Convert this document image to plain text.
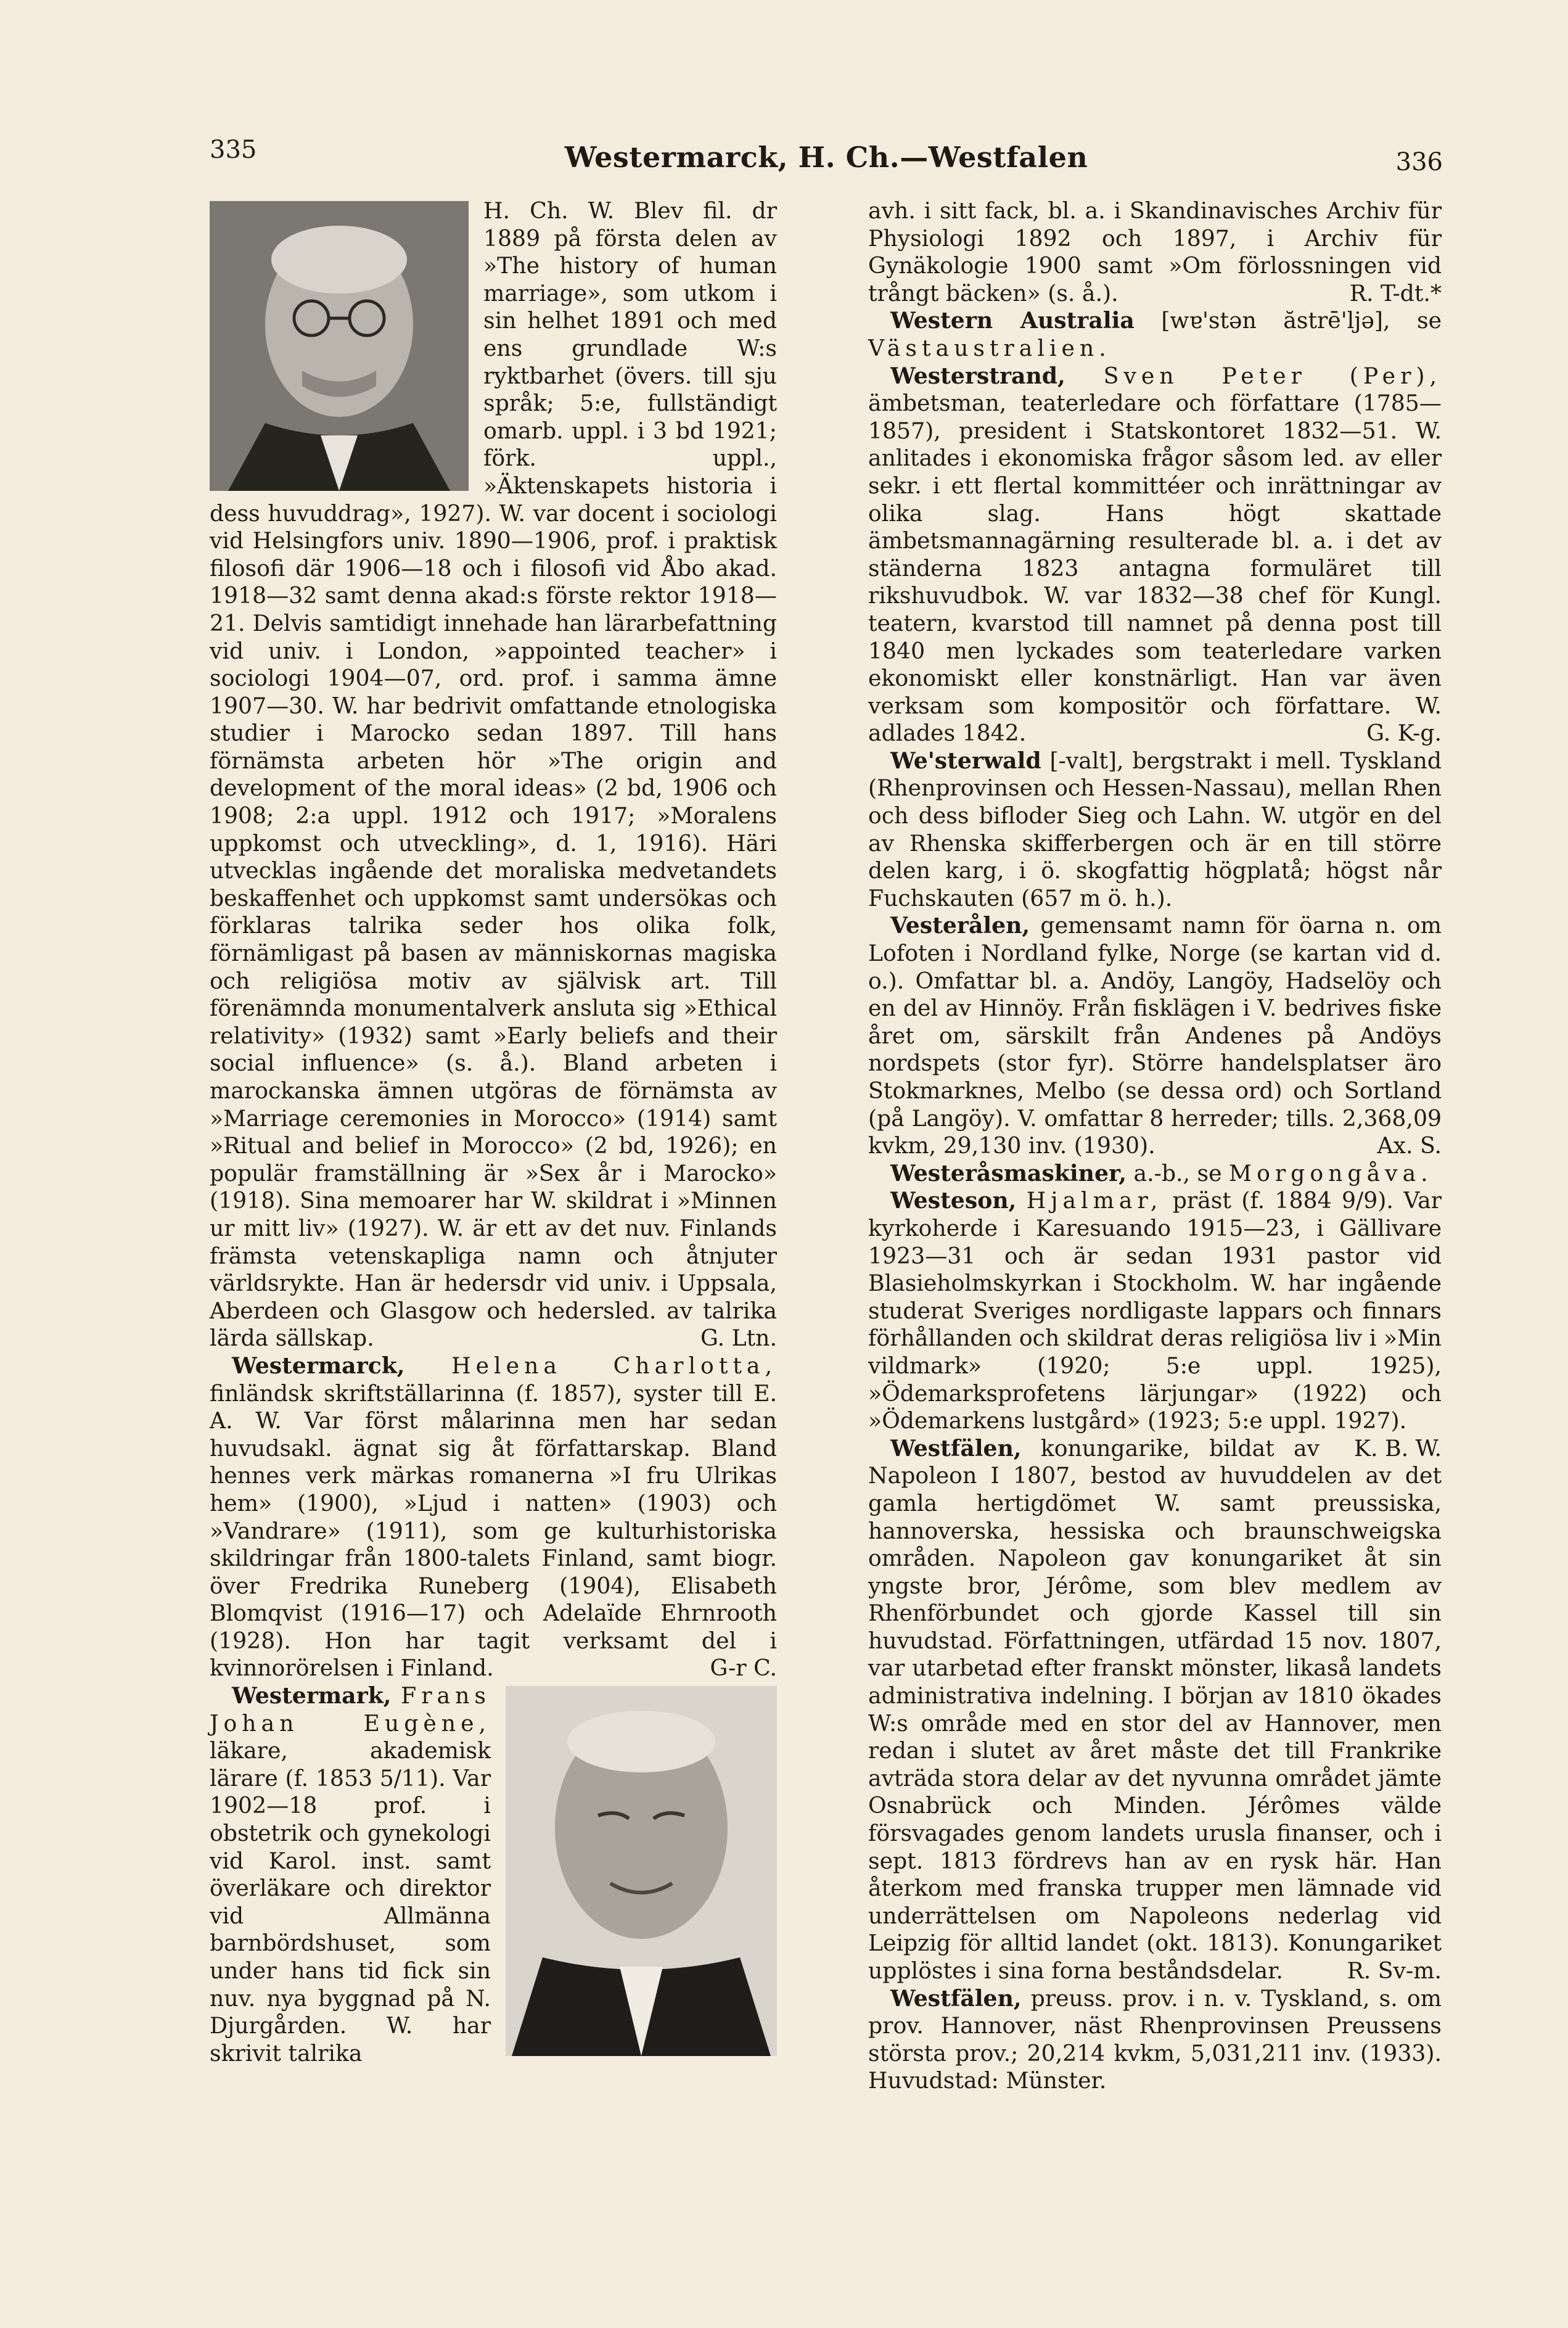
335	Westermarck, H. Ch.—Westfalen	336

H. Ch. W. Blev fil. dr 1889 på första delen av »The history of human marriage», som utkom i sin helhet 1891 och med ens grundlade W:s ryktbarhet (övers. till sju språk; 5:e, fullständigt omarb. uppl. i 3 bd 1921; förk. uppl., »Äktenskapets historia i dess huvuddrag», 1927). W. var docent i sociologi vid Helsingfors univ. 1890—1906, prof. i praktisk filosofi där 1906—18 och i filosofi vid Åbo akad. 1918—32 samt denna akad:s förste rektor 1918—21. Delvis samtidigt innehade han lärarbefattning vid univ. i London, »appointed teacher» i sociologi 1904—07, ord. prof. i samma ämne 1907—30. W. har bedrivit omfattande etnologiska studier i Marocko sedan 1897. Till hans förnämsta arbeten hör »The origin and development of the moral ideas» (2 bd, 1906 och 1908; 2:a uppl. 1912 och 1917; »Moralens uppkomst och utveckling», d. 1, 1916). Häri utvecklas ingående det moraliska medvetandets beskaffenhet och uppkomst samt undersökas och förklaras talrika seder hos olika folk, förnämligast på basen av människornas magiska och religiösa motiv av självisk art. Till förenämnda monumentalverk ansluta sig »Ethical relativity» (1932) samt »Early beliefs and their social influence» (s. å.). Bland arbeten i marockanska ämnen utgöras de förnämsta av »Marriage ceremonies in Morocco» (1914) samt »Ritual and belief in Morocco» (2 bd, 1926); en populär framställning är »Sex år i Marocko» (1918). Sina memoarer har W. skildrat i »Minnen ur mitt liv» (1927). W. är ett av det nuv. Finlands främsta vetenskapliga namn och åtnjuter världsrykte. Han är hedersdr vid univ. i Uppsala, Aberdeen och Glasgow och hedersled. av talrika lärda sällskap.	G. Ltn.

Westermarck, Helena Charlotta, finländsk skriftställarinna (f. 1857), syster till E. A. W. Var först målarinna men har sedan huvudsakl. ägnat sig åt författarskap. Bland hennes verk märkas romanerna »I fru Ulrikas hem» (1900), »Ljud i natten» (1903) och »Vandrare» (1911), som ge kulturhistoriska skildringar från 1800-talets Finland, samt biogr. över Fredrika Runeberg (1904), Elisabeth Blomqvist (1916—17) och Adelaïde Ehrnrooth (1928). Hon har tagit verksamt del i kvinnorörelsen i Finland.	G-r C.

Westermark, Frans Johan Eugène, läkare, akademisk lärare (f. 1853 5/11). Var 1902—18 prof. i obstetrik och gynekologi vid Karol. inst. samt överläkare och direktor vid Allmänna barnbördshuset, som under hans tid fick sin nuv. nya byggnad på N. Djurgården. W. har skrivit talrika

avh. i sitt fack, bl. a. i Skandinavisches Archiv für Physiologi 1892 och 1897, i Archiv für Gynäkologie 1900 samt »Om förlossningen vid trångt bäcken» (s. å.).	R. T-dt.*

Western Australia [wɐ'stən ăstrē'ljə], se Västaustralien.

Westerstrand, Sven Peter (Per), ämbetsman, teaterledare och författare (1785—1857), president i Statskontoret 1832—51. W. anlitades i ekonomiska frågor såsom led. av eller sekr. i ett flertal kommittéer och inrättningar av olika slag. Hans högt skattade ämbetsmannagärning resulterade bl. a. i det av ständerna 1823 antagna formuläret till rikshuvudbok. W. var 1832—38 chef för Kungl. teatern, kvarstod till namnet på denna post till 1840 men lyckades som teaterledare varken ekonomiskt eller konstnärligt. Han var även verksam som kompositör och författare. W. adlades 1842.	G. K-g.

We'sterwald [-valt], bergstrakt i mell. Tyskland (Rhenprovinsen och Hessen-Nassau), mellan Rhen och dess bifloder Sieg och Lahn. W. utgör en del av Rhenska skifferbergen och är en till större delen karg, i ö. skogfattig högplatå; högst når Fuchskauten (657 m ö. h.).

Vesterålen, gemensamt namn för öarna n. om Lofoten i Nordland fylke, Norge (se kartan vid d. o.). Omfattar bl. a. Andöy, Langöy, Hadselöy och en del av Hinnöy. Från fisklägen i V. bedrives fiske året om, särskilt från Andenes på Andöys nordspets (stor fyr). Större handelsplatser äro Stokmarknes, Melbo (se dessa ord) och Sortland (på Langöy). V. omfattar 8 herreder; tills. 2,368,09 kvkm, 29,130 inv. (1930).	Ax. S.

Westeråsmaskiner, a.-b., se Morgongåva.

Westeson, Hjalmar, präst (f. 1884 9/9). Var kyrkoherde i Karesuando 1915—23, i Gällivare 1923—31 och är sedan 1931 pastor vid Blasieholmskyrkan i Stockholm. W. har ingående studerat Sveriges nordligaste lappars och finnars förhållanden och skildrat deras religiösa liv i »Min vildmark» (1920; 5:e uppl. 1925), »Ödemarksprofetens lärjungar» (1922) och »Ödemarkens lustgård» (1923; 5:e uppl. 1927).
K. B. W.

Westfälen, konungarike, bildat av Napoleon I 1807, bestod av huvuddelen av det gamla hertigdömet W. samt preussiska, hannoverska, hessiska och braunschweigska områden. Napoleon gav konungariket åt sin yngste bror, Jérôme, som blev medlem av Rhenförbundet och gjorde Kassel till sin huvudstad. Författningen, utfärdad 15 nov. 1807, var utarbetad efter franskt mönster, likaså landets administrativa indelning. I början av 1810 ökades W:s område med en stor del av Hannover, men redan i slutet av året måste det till Frankrike avträda stora delar av det nyvunna området jämte Osnabrück och Minden. Jérômes välde försvagades genom landets urusla finanser, och i sept. 1813 fördrevs han av en rysk här. Han återkom med franska trupper men lämnade vid underrättelsen om Napoleons nederlag vid Leipzig för alltid landet (okt. 1813). Konungariket upplöstes i sina forna beståndsdelar.	R. Sv-m.

Westfälen, preuss. prov. i n. v. Tyskland, s. om prov. Hannover, näst Rhenprovinsen Preussens största prov.; 20,214 kvkm, 5,031,211 inv. (1933). Huvudstad: Münster.
